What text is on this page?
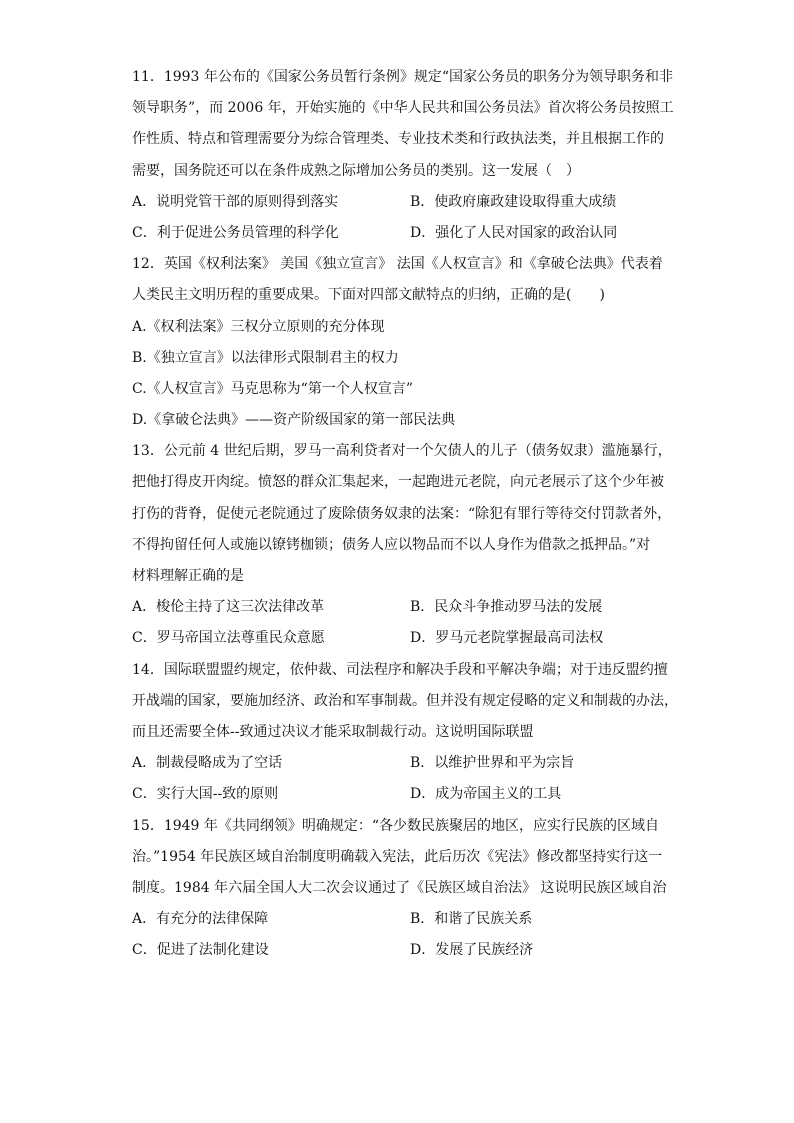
11．1993 年公布的《国家公务员暂行条例》规定“国家公务员的职务分为领导职务和非
领导职务”，而 2006 年，开始实施的《中华人民共和国公务员法》首次将公务员按照工
作性质、特点和管理需要分为综合管理类、专业技术类和行政执法类，并且根据工作的
需要，国务院还可以在条件成熟之际增加公务员的类别。这一发展（　）
A．说明党管干部的原则得到落实	B．使政府廉政建设取得重大成绩
C．利于促进公务员管理的科学化	D．强化了人民对国家的政治认同
12．英国《权利法案》 美国《独立宣言》 法国《人权宣言》和《拿破仑法典》代表着
人类民主文明历程的重要成果。下面对四部文献特点的归纳，正确的是(　　)
A.《权利法案》三权分立原则的充分体现
B.《独立宣言》以法律形式限制君主的权力
C.《人权宣言》马克思称为“第一个人权宣言”
D.《拿破仑法典》——资产阶级国家的第一部民法典
13．公元前 4 世纪后期，罗马一高利贷者对一个欠债人的儿子（债务奴隶）滥施暴行，
把他打得皮开肉绽。愤怒的群众汇集起来，一起跑进元老院，向元老展示了这个少年被
打伤的背脊，促使元老院通过了废除债务奴隶的法案：“除犯有罪行等待交付罚款者外，
不得拘留任何人或施以镣铐枷锁；债务人应以物品而不以人身作为借款之抵押品。”对
材料理解正确的是
A．梭伦主持了这三次法律改革	B．民众斗争推动罗马法的发展
C．罗马帝国立法尊重民众意愿	D．罗马元老院掌握最高司法权
14．国际联盟盟约规定，依仲裁、司法程序和解决手段和平解决争端；对于违反盟约擅
开战端的国家，要施加经济、政治和军事制裁。但并没有规定侵略的定义和制裁的办法，
而且还需要全体--致通过决议才能采取制裁行动。这说明国际联盟
A．制裁侵略成为了空话	B．以维护世界和平为宗旨
C．实行大国--致的原则	D．成为帝国主义的工具
15．1949 年《共同纲领》明确规定：“各少数民族聚居的地区，应实行民族的区域自
治。”1954 年民族区域自治制度明确载入宪法，此后历次《宪法》修改都坚持实行这一
制度。1984 年六届全国人大二次会议通过了《民族区域自治法》 这说明民族区域自治
A．有充分的法律保障	B．和谐了民族关系
C．促进了法制化建设	D．发展了民族经济
